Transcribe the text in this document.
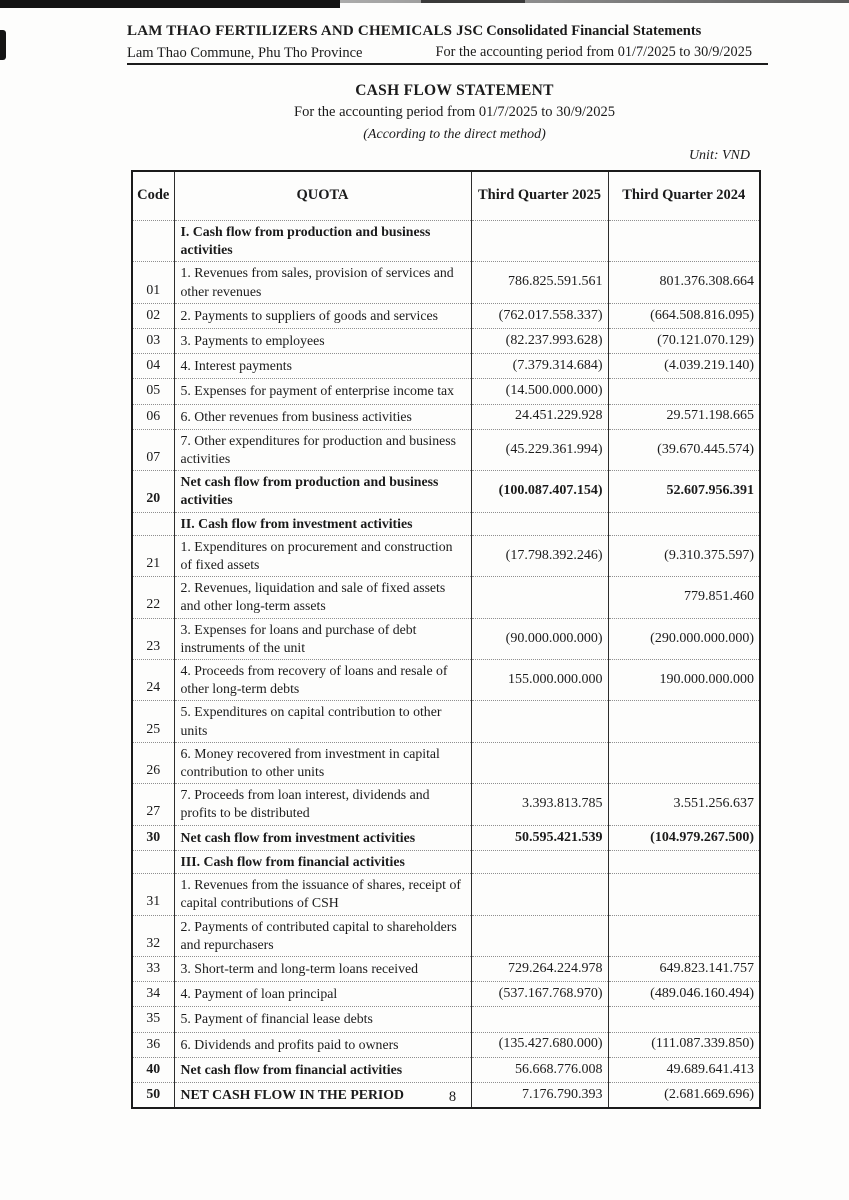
LAM THAO FERTILIZERS AND CHEMICALS JSC
Lam Thao Commune, Phu Tho Province
Consolidated Financial Statements
For the accounting period from 01/7/2025 to 30/9/2025
CASH FLOW STATEMENT
For the accounting period from 01/7/2025 to 30/9/2025
(According to the direct method)
Unit: VND
Code	QUOTA	Third Quarter 2025	Third Quarter 2024
	I. Cash flow from production and business activities		
01	1. Revenues from sales, provision of services and other revenues	786.825.591.561	801.376.308.664
02	2. Payments to suppliers of goods and services	(762.017.558.337)	(664.508.816.095)
03	3. Payments to employees	(82.237.993.628)	(70.121.070.129)
04	4. Interest payments	(7.379.314.684)	(4.039.219.140)
05	5. Expenses for payment of enterprise income tax	(14.500.000.000)	
06	6. Other revenues from business activities	24.451.229.928	29.571.198.665
07	7. Other expenditures for production and business activities	(45.229.361.994)	(39.670.445.574)
20	Net cash flow from production and business activities	(100.087.407.154)	52.607.956.391
	II. Cash flow from investment activities		
21	1. Expenditures on procurement and construction of fixed assets	(17.798.392.246)	(9.310.375.597)
22	2. Revenues, liquidation and sale of fixed assets and other long-term assets		779.851.460
23	3. Expenses for loans and purchase of debt instruments of the unit	(90.000.000.000)	(290.000.000.000)
24	4. Proceeds from recovery of loans and resale of other long-term debts	155.000.000.000	190.000.000.000
25	5. Expenditures on capital contribution to other units		
26	6. Money recovered from investment in capital contribution to other units		
27	7. Proceeds from loan interest, dividends and profits to be distributed	3.393.813.785	3.551.256.637
30	Net cash flow from investment activities	50.595.421.539	(104.979.267.500)
	III. Cash flow from financial activities		
31	1. Revenues from the issuance of shares, receipt of capital contributions of CSH		
32	2. Payments of contributed capital to shareholders and repurchasers		
33	3. Short-term and long-term loans received	729.264.224.978	649.823.141.757
34	4. Payment of loan principal	(537.167.768.970)	(489.046.160.494)
35	5. Payment of financial lease debts		
36	6. Dividends and profits paid to owners	(135.427.680.000)	(111.087.339.850)
40	Net cash flow from financial activities	56.668.776.008	49.689.641.413
50	NET CASH FLOW IN THE PERIOD	7.176.790.393	(2.681.669.696)
8
